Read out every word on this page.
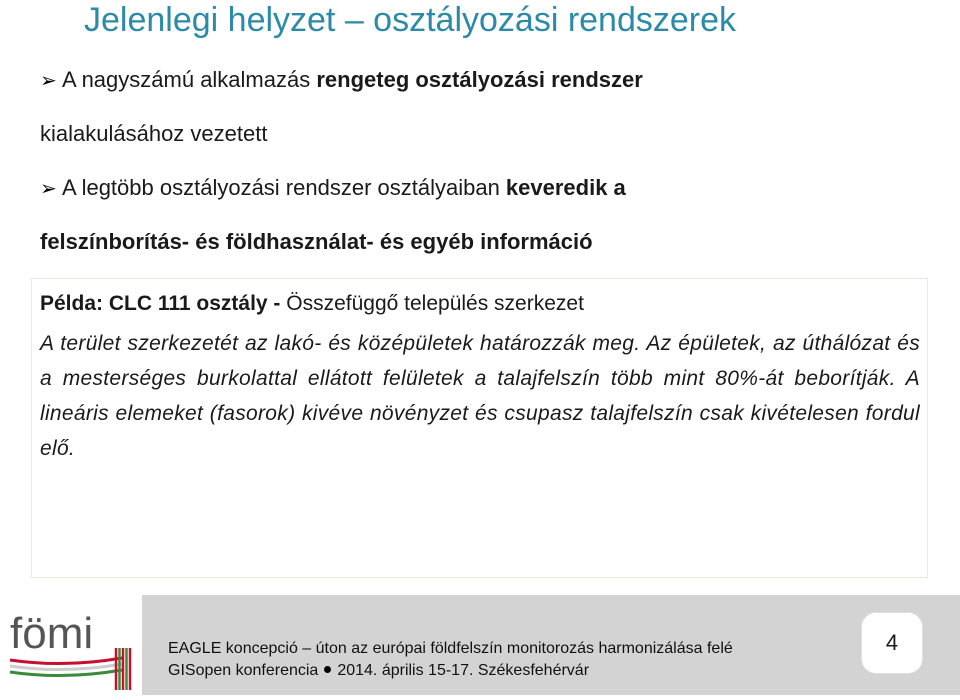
Jelenlegi helyzet – osztályozási rendszerek
➢ A nagyszámú alkalmazás rengeteg osztályozási rendszer
kialakulásához vezetett
➢ A legtöbb osztályozási rendszer osztályaiban keveredik a
felszínborítás- és földhasználat- és egyéb információ
Példa: CLC 111 osztály - Összefüggő település szerkezet
A terület szerkezetét az lakó- és középületek határozzák meg. Az épületek, az úthálózat és a mesterséges burkolattal ellátott felületek a talajfelszín több mint 80%-át beborítják. A lineáris elemeket (fasorok) kivéve növényzet és csupasz talajfelszín csak kivételesen fordul elő.
fömi	EAGLE koncepció – úton az európai földfelszín monitorozás harmonizálása felé
GISopen konferencia 2014. április 15-17. Székesfehérvár
4
